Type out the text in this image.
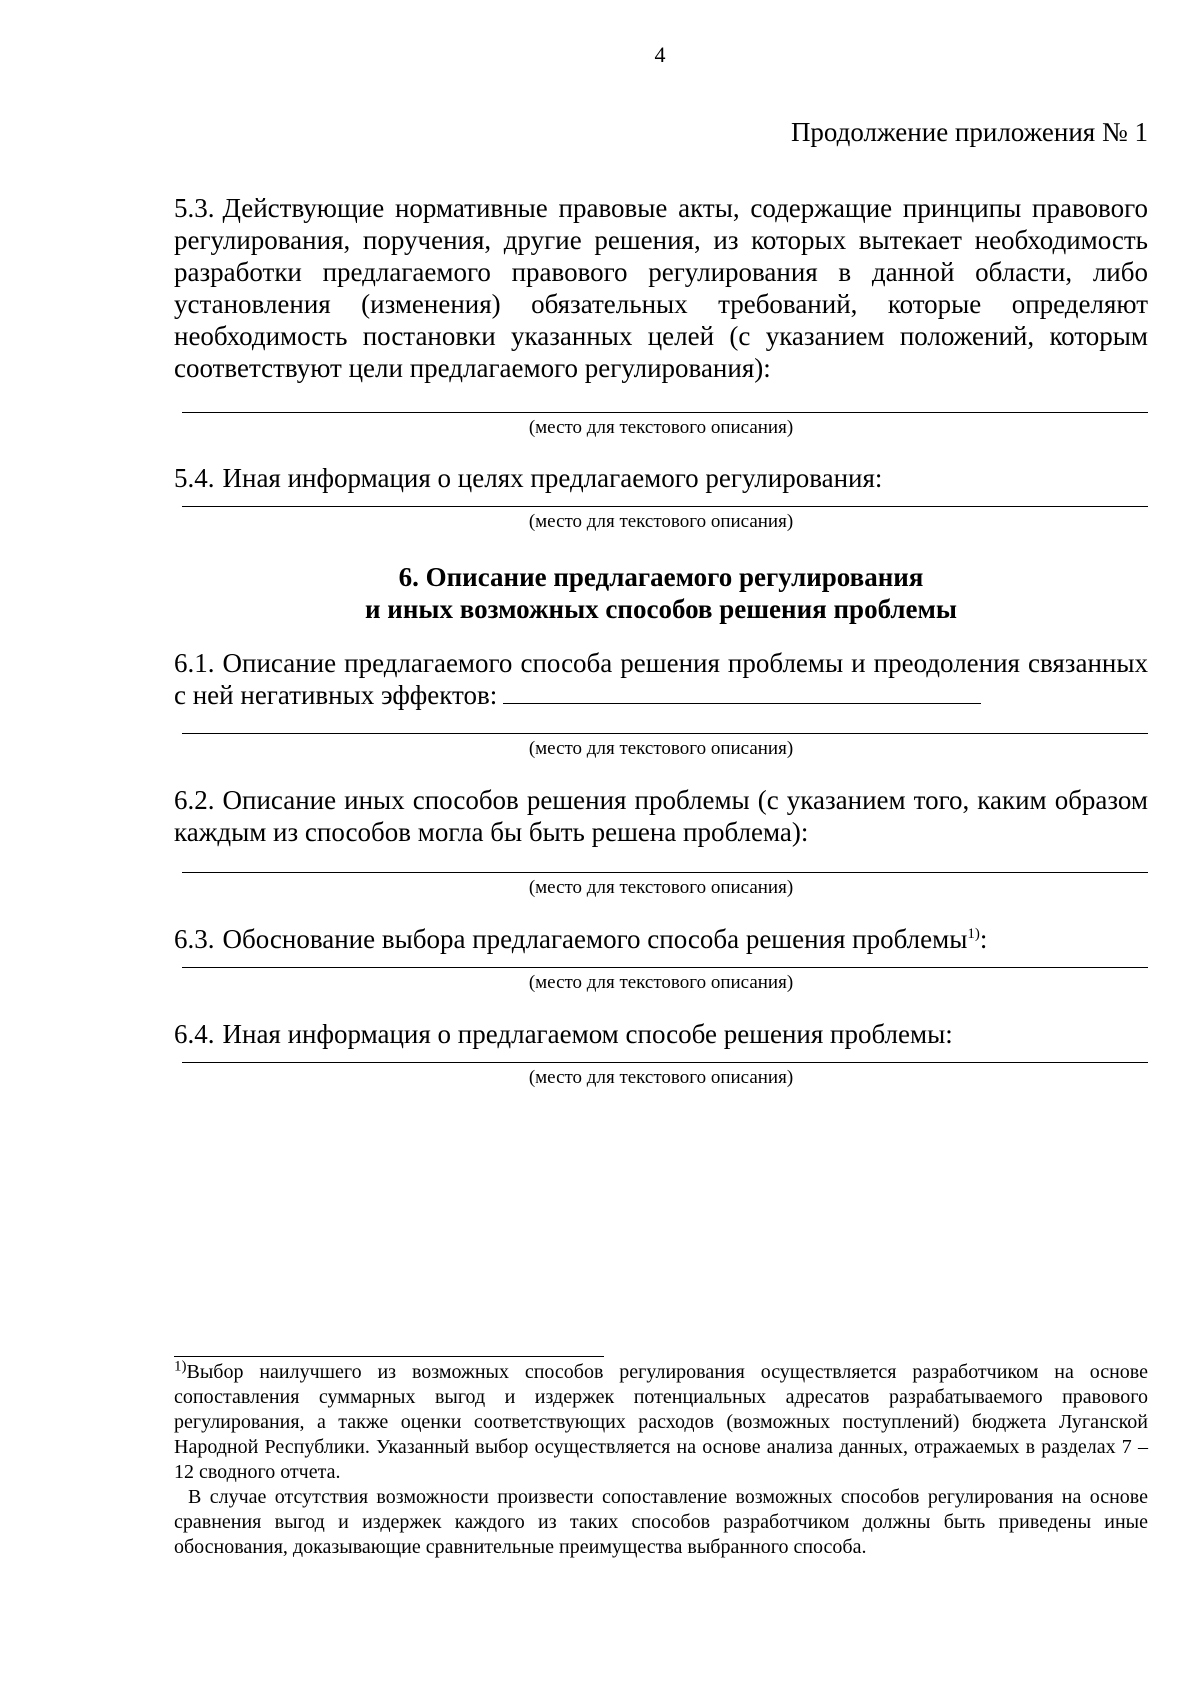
4
Продолжение приложения № 1

5.3. Действующие нормативные правовые акты, содержащие принципы правового регулирования, поручения, другие решения, из которых вытекает необходимость разработки предлагаемого правового регулирования в данной области, либо установления (изменения) обязательных требований, которые определяют необходимость постановки указанных целей (с указанием положений, которым соответствуют цели предлагаемого регулирования):

(место для текстового описания)

5.4. Иная информация о целях предлагаемого регулирования:

(место для текстового описания)

6. Описание предлагаемого регулирования

и иных возможных способов решения проблемы

6.1. Описание предлагаемого способа решения проблемы и преодоления связанных с ней негативных эффектов:

(место для текстового описания)

6.2. Описание иных способов решения проблемы (с указанием того, каким образом каждым из способов могла бы быть решена проблема):

(место для текстового описания)

6.3. Обоснование выбора предлагаемого способа решения проблемы$^{1)}$:

(место для текстового описания)

6.4. Иная информация о предлагаемом способе решения проблемы:

(место для текстового описания)

$^{1)}$Выбор наилучшего из возможных способов регулирования осуществляется разработчиком на основе сопоставления суммарных выгод и издержек потенциальных адресатов разрабатываемого правового регулирования, а также оценки соответствующих расходов (возможных поступлений) бюджета Луганской Народной Республики. Указанный выбор осуществляется на основе анализа данных, отражаемых в разделах 7 – 12 сводного отчета.

В случае отсутствия возможности произвести сопоставление возможных способов регулирования на основе сравнения выгод и издержек каждого из таких способов разработчиком должны быть приведены иные обоснования, доказывающие сравнительные преимущества выбранного способа.
